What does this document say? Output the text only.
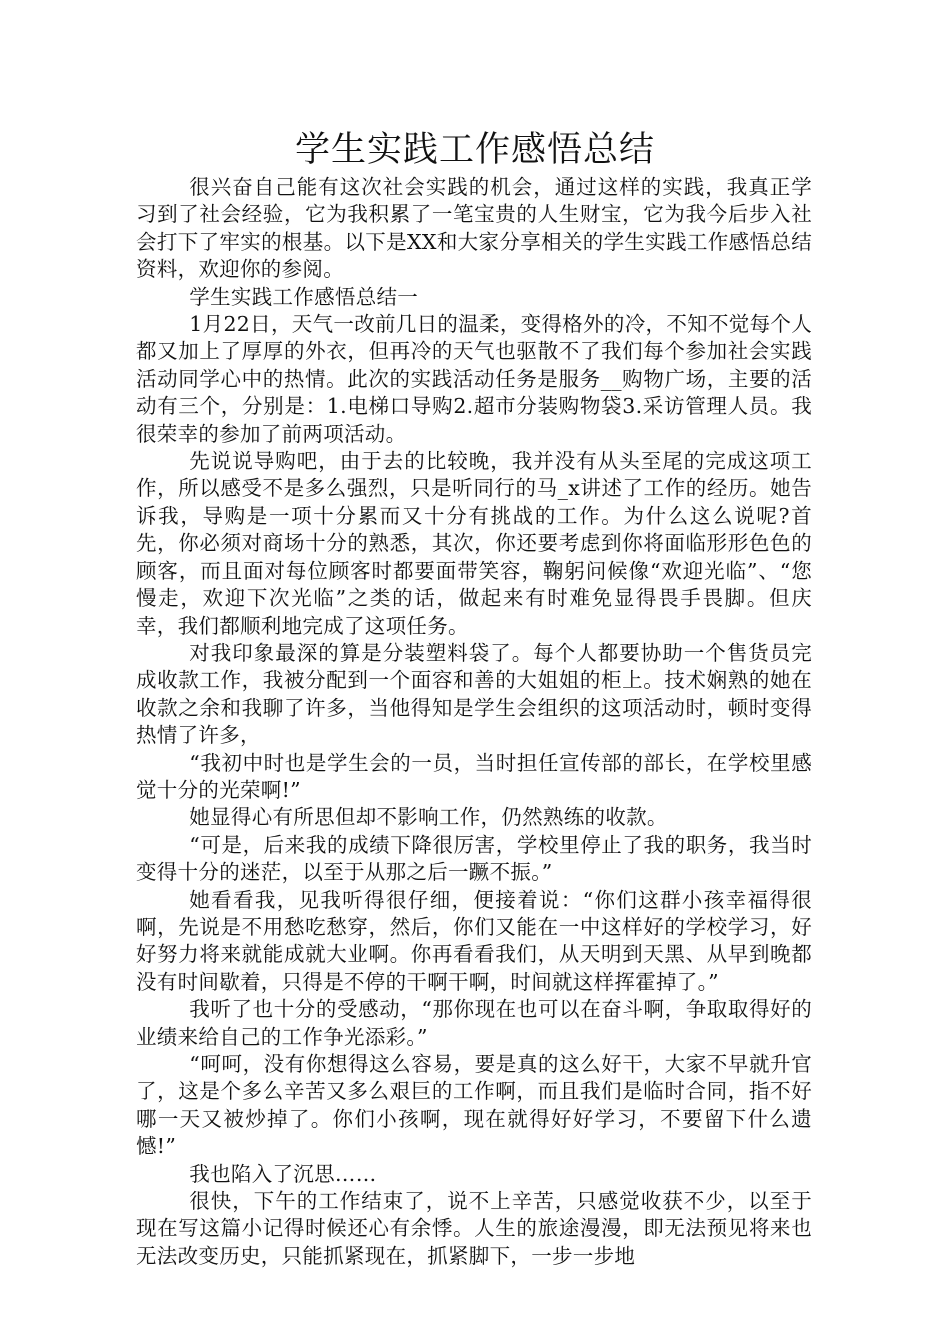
学生实践工作感悟总结

很兴奋自己能有这次社会实践的机会，通过这样的实践，我真正学习到了社会经验，它为我积累了一笔宝贵的人生财宝，它为我今后步入社会打下了牢实的根基。以下是XX和大家分享相关的学生实践工作感悟总结资料，欢迎你的参阅。

学生实践工作感悟总结一

1月22日，天气一改前几日的温柔，变得格外的冷，不知不觉每个人都又加上了厚厚的外衣，但再冷的天气也驱散不了我们每个参加社会实践活动同学心中的热情。此次的实践活动任务是服务__购物广场，主要的活动有三个，分别是：1.电梯口导购2.超市分装购物袋3.采访管理人员。我很荣幸的参加了前两项活动。

先说说导购吧，由于去的比较晚，我并没有从头至尾的完成这项工作，所以感受不是多么强烈，只是听同行的马_x讲述了工作的经历。她告诉我，导购是一项十分累而又十分有挑战的工作。为什么这么说呢?首先，你必须对商场十分的熟悉，其次，你还要考虑到你将面临形形色色的顾客，而且面对每位顾客时都要面带笑容，鞠躬问候像“欢迎光临”、“您慢走，欢迎下次光临”之类的话，做起来有时难免显得畏手畏脚。但庆幸，我们都顺利地完成了这项任务。

对我印象最深的算是分装塑料袋了。每个人都要协助一个售货员完成收款工作，我被分配到一个面容和善的大姐姐的柜上。技术娴熟的她在收款之余和我聊了许多，当他得知是学生会组织的这项活动时，顿时变得热情了许多，

“我初中时也是学生会的一员，当时担任宣传部的部长，在学校里感觉十分的光荣啊!”

她显得心有所思但却不影响工作，仍然熟练的收款。

“可是，后来我的成绩下降很厉害，学校里停止了我的职务，我当时变得十分的迷茫，以至于从那之后一蹶不振。”

她看看我，见我听得很仔细，便接着说：“你们这群小孩幸福得很啊，先说是不用愁吃愁穿，然后，你们又能在一中这样好的学校学习，好好努力将来就能成就大业啊。你再看看我们，从天明到天黑、从早到晚都没有时间歇着，只得是不停的干啊干啊，时间就这样挥霍掉了。”

我听了也十分的受感动，“那你现在也可以在奋斗啊，争取取得好的业绩来给自己的工作争光添彩。”

“呵呵，没有你想得这么容易，要是真的这么好干，大家不早就升官了，这是个多么辛苦又多么艰巨的工作啊，而且我们是临时合同，指不好哪一天又被炒掉了。你们小孩啊，现在就得好好学习，不要留下什么遗憾!”

我也陷入了沉思……

很快，下午的工作结束了，说不上辛苦，只感觉收获不少，以至于现在写这篇小记得时候还心有余悸。人生的旅途漫漫，即无法预见将来也无法改变历史，只能抓紧现在，抓紧脚下，一步一步地
